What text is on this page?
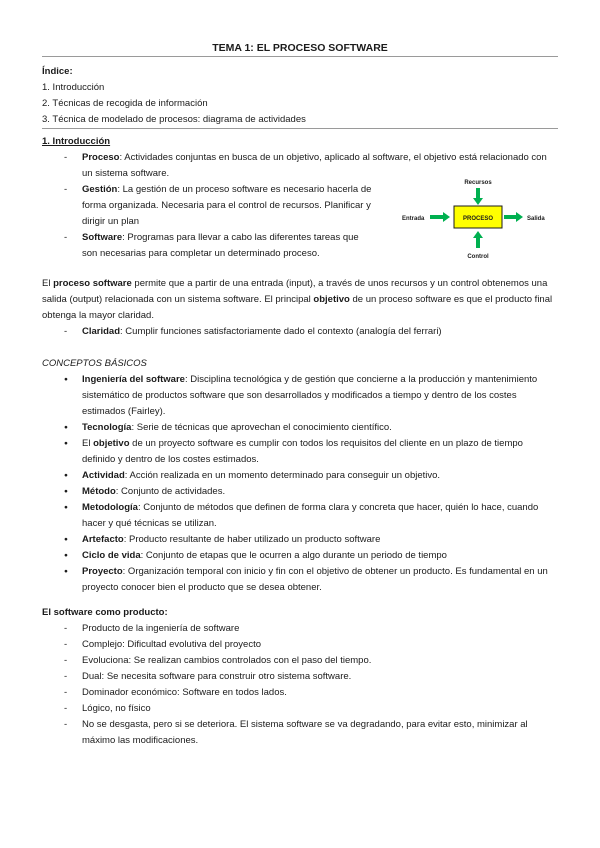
TEMA 1: EL PROCESO SOFTWARE
Índice:
1. Introducción
2. Técnicas de recogida de información
3. Técnica de modelado de procesos: diagrama de actividades
1. Introducción
-	Proceso: Actividades conjuntas en busca de un objetivo, aplicado al software, el objetivo está relacionado con un sistema software.
-	Gestión: La gestión de un proceso software es necesario hacerla de forma organizada. Necesaria para el control de recursos. Planificar y dirigir un plan
-	Software: Programas para llevar a cabo las diferentes tareas que son necesarias para completar un determinado proceso.
Recursos
Entrada	PROCESO	Salida
Control
El proceso software permite que a partir de una entrada (input), a través de unos recursos y un control obtenemos una salida (output) relacionada con un sistema software. El principal objetivo de un proceso software es que el producto final obtenga la mayor claridad.
-	Claridad: Cumplir funciones satisfactoriamente dado el contexto (analogía del ferrari)
CONCEPTOS BÁSICOS
●	Ingeniería del software: Disciplina tecnológica y de gestión que concierne a la producción y mantenimiento sistemático de productos software que son desarrollados y modificados a tiempo y dentro de los costes estimados (Fairley).
●	Tecnología: Serie de técnicas que aprovechan el conocimiento científico.
●	El objetivo de un proyecto software es cumplir con todos los requisitos del cliente en un plazo de tiempo definido y dentro de los costes estimados.
●	Actividad: Acción realizada en un momento determinado para conseguir un objetivo.
●	Método: Conjunto de actividades.
●	Metodología: Conjunto de métodos que definen de forma clara y concreta que hacer, quién lo hace, cuando hacer y qué técnicas se utilizan.
●	Artefacto: Producto resultante de haber utilizado un producto software
●	Ciclo de vida: Conjunto de etapas que le ocurren a algo durante un periodo de tiempo
●	Proyecto: Organización temporal con inicio y fin con el objetivo de obtener un producto. Es fundamental en un proyecto conocer bien el producto que se desea obtener.
El software como producto:
-	Producto de la ingeniería de software
-	Complejo: Dificultad evolutiva del proyecto
-	Evoluciona: Se realizan cambios controlados con el paso del tiempo.
-	Dual: Se necesita software para construir otro sistema software.
-	Dominador económico: Software en todos lados.
-	Lógico, no físico
-	No se desgasta, pero si se deteriora. El sistema software se va degradando, para evitar esto, minimizar al máximo las modificaciones.
